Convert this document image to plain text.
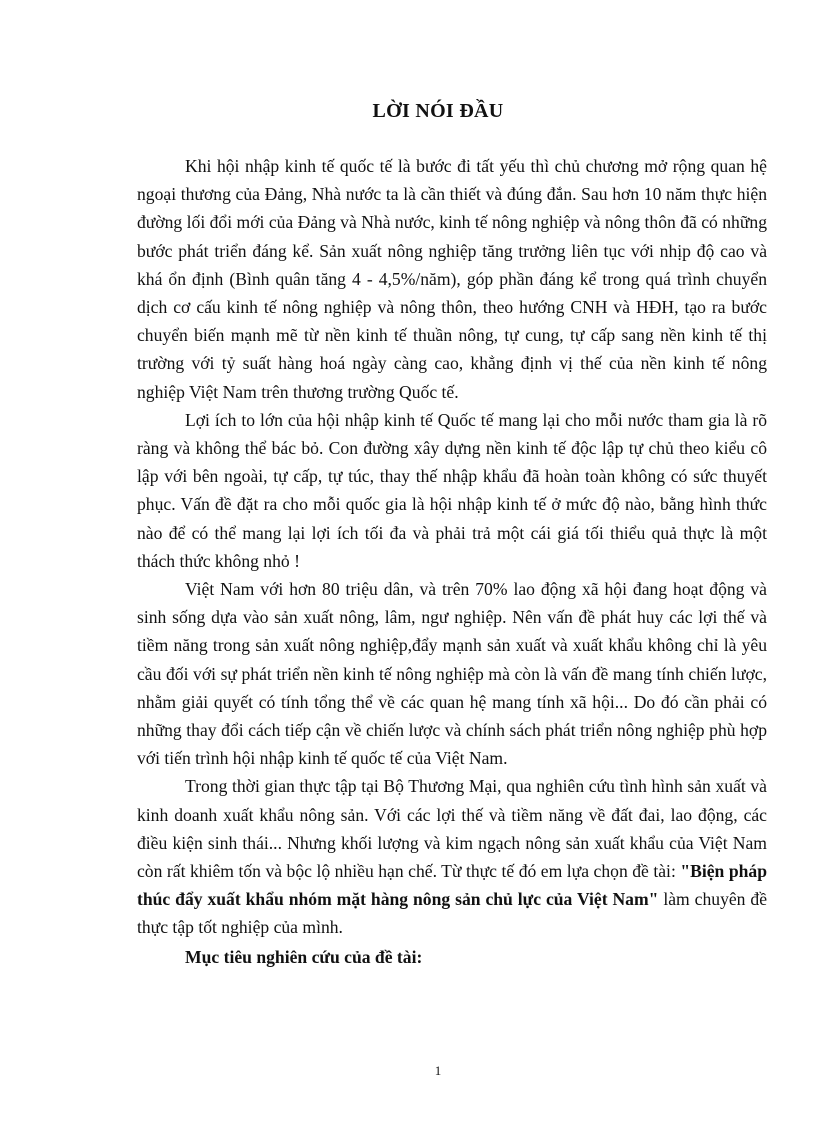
LỜI NÓI ĐẦU

Khi hội nhập kinh tế quốc tế là bước đi tất yếu thì chủ chương mở rộng quan hệ ngoại thương của Đảng, Nhà nước ta là cần thiết và đúng đắn. Sau hơn 10 năm thực hiện đường lối đổi mới của Đảng và Nhà nước, kinh tế nông nghiệp và nông thôn đã có những bước phát triển đáng kể. Sản xuất nông nghiệp tăng trưởng liên tục với nhịp độ cao và khá ổn định (Bình quân tăng 4 - 4,5%/năm), góp phần đáng kể trong quá trình chuyển dịch cơ cấu kinh tế nông nghiệp và nông thôn, theo hướng CNH và HĐH, tạo ra bước chuyển biến mạnh mẽ từ nền kinh tế thuần nông, tự cung, tự cấp sang nền kinh tế thị trường với tỷ suất hàng hoá ngày càng cao, khẳng định vị thế của nền kinh tế nông nghiệp Việt Nam trên thương trường Quốc tế.

Lợi ích to lớn của hội nhập kinh tế Quốc tế mang lại cho mỗi nước tham gia là rõ ràng và không thể bác bỏ. Con đường xây dựng nền kinh tế độc lập tự chủ theo kiểu cô lập với bên ngoài, tự cấp, tự túc, thay thế nhập khẩu đã hoàn toàn không có sức thuyết phục. Vấn đề đặt ra cho mỗi quốc gia là hội nhập kinh tế ở mức độ nào, bằng hình thức nào để có thể mang lại lợi ích tối đa và phải trả một cái giá tối thiểu quả thực là một thách thức không nhỏ !

Việt Nam với hơn 80 triệu dân, và trên 70% lao động xã hội đang hoạt động và sinh sống dựa vào sản xuất nông, lâm, ngư nghiệp. Nên vấn đề phát huy các lợi thế và tiềm năng trong sản xuất nông nghiệp,đẩy mạnh sản xuất và xuất khẩu không chỉ là yêu cầu đối với sự phát triển nền kinh tế nông nghiệp mà còn là vấn đề mang tính chiến lược, nhằm giải quyết có tính tổng thể về các quan hệ mang tính xã hội... Do đó cần phải có những thay đổi cách tiếp cận về chiến lược và chính sách phát triển nông nghiệp phù hợp với tiến trình hội nhập kinh tế quốc tế của Việt Nam.

Trong thời gian thực tập tại Bộ Thương Mại, qua nghiên cứu tình hình sản xuất và kinh doanh xuất khẩu nông sản. Với các lợi thế và tiềm năng về đất đai, lao động, các điều kiện sinh thái... Nhưng khối lượng và kim ngạch nông sản xuất khẩu của Việt Nam còn rất khiêm tốn và bộc lộ nhiều hạn chế. Từ thực tế đó em lựa chọn đề tài: "Biện pháp thúc đẩy xuất khẩu nhóm mặt hàng nông sản chủ lực của Việt Nam" làm chuyên đề thực tập tốt nghiệp của mình.

Mục tiêu nghiên cứu của đề tài:

1
